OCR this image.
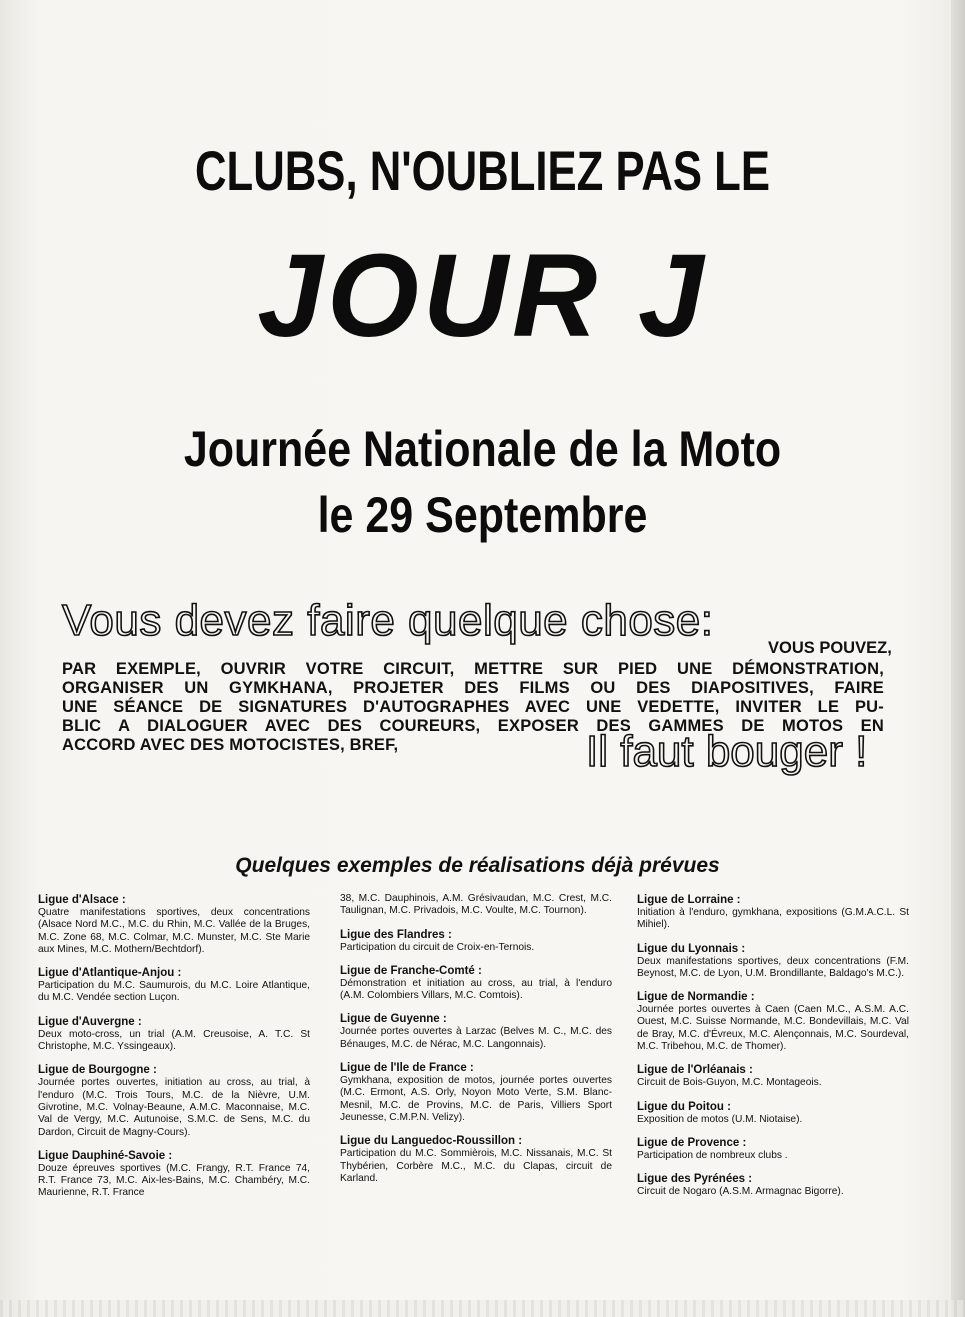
CLUBS, N'OUBLIEZ PAS LE
JOUR J
Journée Nationale de la Moto
le 29 Septembre
Vous devez faire quelque chose:
VOUS POUVEZ,
PAR EXEMPLE, OUVRIR VOTRE CIRCUIT, METTRE SUR PIED UNE DÉMONSTRATION,
ORGANISER UN GYMKHANA, PROJETER DES FILMS OU DES DIAPOSITIVES, FAIRE
UNE SÉANCE DE SIGNATURES D'AUTOGRAPHES AVEC UNE VEDETTE, INVITER LE PU-
BLIC A DIALOGUER AVEC DES COUREURS, EXPOSER DES GAMMES DE MOTOS EN
ACCORD AVEC DES MOTOCISTES, BREF,	Il faut bouger !
Quelques exemples de réalisations déjà prévues
Ligue d'Alsace :
Quatre manifestations sportives, deux concentrations (Alsace Nord M.C., M.C. du Rhin, M.C. Vallée de la Bruges, M.C. Zone 68, M.C. Colmar, M.C. Munster, M.C. Ste Marie aux Mines, M.C. Mothern/Bechtdorf).
Ligue d'Atlantique-Anjou :
Participation du M.C. Saumurois, du M.C. Loire Atlantique, du M.C. Vendée section Luçon.
Ligue d'Auvergne :
Deux moto-cross, un trial (A.M. Creusoise, A. T.C. St Christophe, M.C. Yssingeaux).
Ligue de Bourgogne :
Journée portes ouvertes, initiation au cross, au trial, à l'enduro (M.C. Trois Tours, M.C. de la Nièvre, U.M. Givrotine, M.C. Volnay-Beaune, A.M.C. Maconnaise, M.C. Val de Vergy, M.C. Autunoise, S.M.C. de Sens, M.C. du Dardon, Circuit de Magny-Cours).
Ligue Dauphiné-Savoie :
Douze épreuves sportives (M.C. Frangy, R.T. France 74, R.T. France 73, M.C. Aix-les-Bains, M.C. Chambéry, M.C. Maurienne, R.T. France
38, M.C. Dauphinois, A.M. Grésivaudan, M.C. Crest, M.C. Taulignan, M.C. Privadois, M.C. Voulte, M.C. Tournon).
Ligue des Flandres :
Participation du circuit de Croix-en-Ternois.
Ligue de Franche-Comté :
Démonstration et initiation au cross, au trial, à l'enduro (A.M. Colombiers Villars, M.C. Comtois).
Ligue de Guyenne :
Journée portes ouvertes à Larzac (Belves M. C., M.C. des Bénauges, M.C. de Nérac, M.C. Langonnais).
Ligue de l'Ile de France :
Gymkhana, exposition de motos, journée portes ouvertes (M.C. Ermont, A.S. Orly, Noyon Moto Verte, S.M. Blanc-Mesnil, M.C. de Provins, M.C. de Paris, Villiers Sport Jeunesse, C.M.P.N. Velizy).
Ligue du Languedoc-Roussillon :
Participation du M.C. Sommièrois, M.C. Nissanais, M.C. St Thybérien, Corbère M.C., M.C. du Clapas, circuit de Karland.
Ligue de Lorraine :
Initiation à l'enduro, gymkhana, expositions (G.M.A.C.L. St Mihiel).
Ligue du Lyonnais :
Deux manifestations sportives, deux concentrations (F.M. Beynost, M.C. de Lyon, U.M. Brondillante, Baldago's M.C.).
Ligue de Normandie :
Journée portes ouvertes à Caen (Caen M.C., A.S.M. A.C. Ouest, M.C. Suisse Normande, M.C. Bondevillais, M.C. Val de Bray, M.C. d'Évreux, M.C. Alençonnais, M.C. Sourdeval, M.C. Tribehou, M.C. de Thomer).
Ligue de l'Orléanais :
Circuit de Bois-Guyon, M.C. Montageois.
Ligue du Poitou :
Exposition de motos (U.M. Niotaise).
Ligue de Provence :
Participation de nombreux clubs .
Ligue des Pyrénées :
Circuit de Nogaro (A.S.M. Armagnac Bigorre).
